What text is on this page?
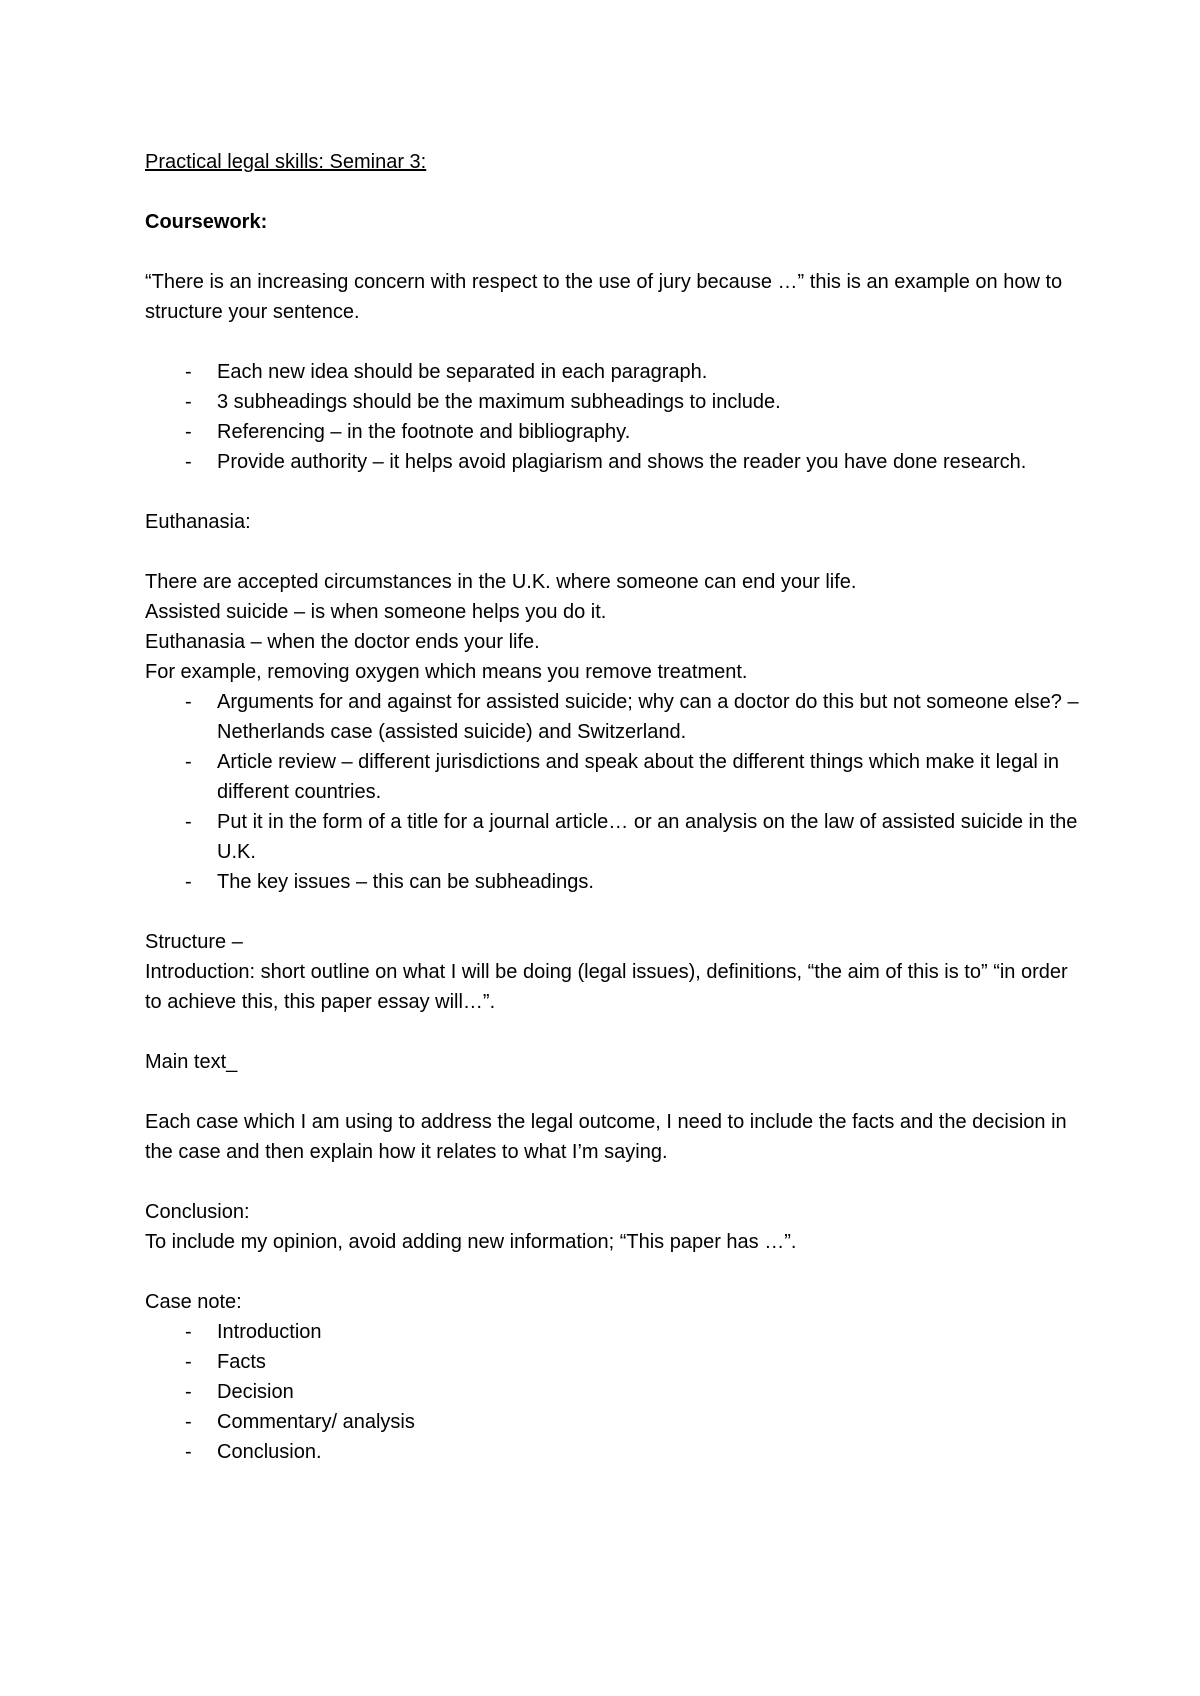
Practical legal skills: Seminar 3:

Coursework:

“There is an increasing concern with respect to the use of jury because …” this is an example on how to structure your sentence.

- Each new idea should be separated in each paragraph.
- 3 subheadings should be the maximum subheadings to include.
- Referencing – in the footnote and bibliography.
- Provide authority – it helps avoid plagiarism and shows the reader you have done research.

Euthanasia:

There are accepted circumstances in the U.K. where someone can end your life.

Assisted suicide – is when someone helps you do it.

Euthanasia – when the doctor ends your life.

For example, removing oxygen which means you remove treatment.

- Arguments for and against for assisted suicide; why can a doctor do this but not someone else? – Netherlands case (assisted suicide) and Switzerland.
- Article review – different jurisdictions and speak about the different things which make it legal in different countries.
- Put it in the form of a title for a journal article… or an analysis on the law of assisted suicide in the U.K.
- The key issues – this can be subheadings.

Structure –

Introduction: short outline on what I will be doing (legal issues), definitions, “the aim of this is to” “in order to achieve this, this paper essay will…”.

Main text_

Each case which I am using to address the legal outcome, I need to include the facts and the decision in the case and then explain how it relates to what I’m saying.

Conclusion:

To include my opinion, avoid adding new information; “This paper has …”.

Case note:

- Introduction
- Facts
- Decision
- Commentary/ analysis
- Conclusion.
